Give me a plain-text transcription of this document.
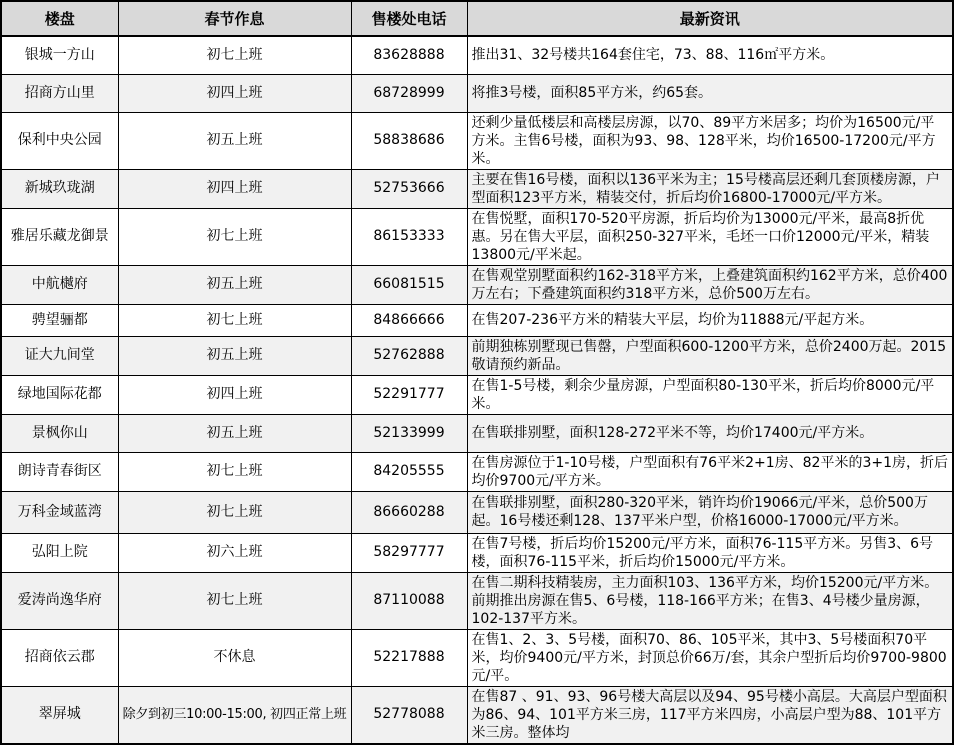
楼盘	春节作息	售楼处电话	最新资讯
银城一方山	初七上班	83628888	推出31、32号楼共164套住宅，73、88、116㎡平方米。
招商方山里	初四上班	68728999	将推3号楼，面积85平方米，约65套。
保利中央公园	初五上班	58838686	还剩少量低楼层和高楼层房源，以70、89平方米居多；均价为16500元/平方米。主售6号楼，面积为93、98、128平米，均价16500-17200元/平方米。
新城玖珑湖	初四上班	52753666	主要在售16号楼，面积以136平米为主；15号楼高层还剩几套顶楼房源，户型面积123平方米，精装交付，折后均价16800-17000元/平方米。
雅居乐藏龙御景	初七上班	86153333	在售悦墅，面积170-520平房源，折后均价为13000元/平米，最高8折优惠。另在售大平层，面积250-327平米，毛坯一口价12000元/平米，精装13800元/平米起。
中航樾府	初五上班	66081515	在售观堂别墅面积约162-318平方米，上叠建筑面积约162平方米，总价400万左右；下叠建筑面积约318平方米，总价500万左右。
骋望骊都	初七上班	84866666	在售207-236平方米的精装大平层，均价为11888元/平起方米。
证大九间堂	初五上班	52762888	前期独栋别墅现已售罄，户型面积600-1200平方米，总价2400万起。2015敬请预约新品。
绿地国际花都	初四上班	52291777	在售1-5号楼，剩余少量房源，户型面积80-130平米，折后均价8000元/平米。
景枫你山	初五上班	52133999	在售联排别墅，面积128-272平米不等，均价17400元/平方米。
朗诗青春街区	初七上班	84205555	在售房源位于1-10号楼，户型面积有76平米2+1房、82平米的3+1房，折后均价9700元/平方米。
万科金域蓝湾	初七上班	86660288	在售联排别墅，面积280-320平米，销许均价19066元/平米，总价500万起。16号楼还剩128、137平米户型，价格16000-17000元/平方米。
弘阳上院	初六上班	58297777	在售7号楼，折后均价15200元/平方米，面积76-115平方米。另售3、6号楼，面积76-115平米，折后均价15000元/平方米。
爱涛尚逸华府	初七上班	87110088	在售二期科技精装房，主力面积103、136平方米，均价15200元/平方米。前期推出房源在售5、6号楼，118-166平方米；在售3、4号楼少量房源，102-137平方米。
招商依云郡	不休息	52217888	在售1、2、3、5号楼，面积70、86、105平米，其中3、5号楼面积70平米，均价9400元/平方米，封顶总价66万/套，其余户型折后均价9700-9800元/平。
翠屏城	除夕到初三10:00-15:00, 初四正常上班	52778088	在售87 、91、93、96号楼大高层以及94、95号楼小高层。大高层户型面积为86、94、101平方米三房，117平方米四房，小高层户型为88、101平方米三房。整体均
